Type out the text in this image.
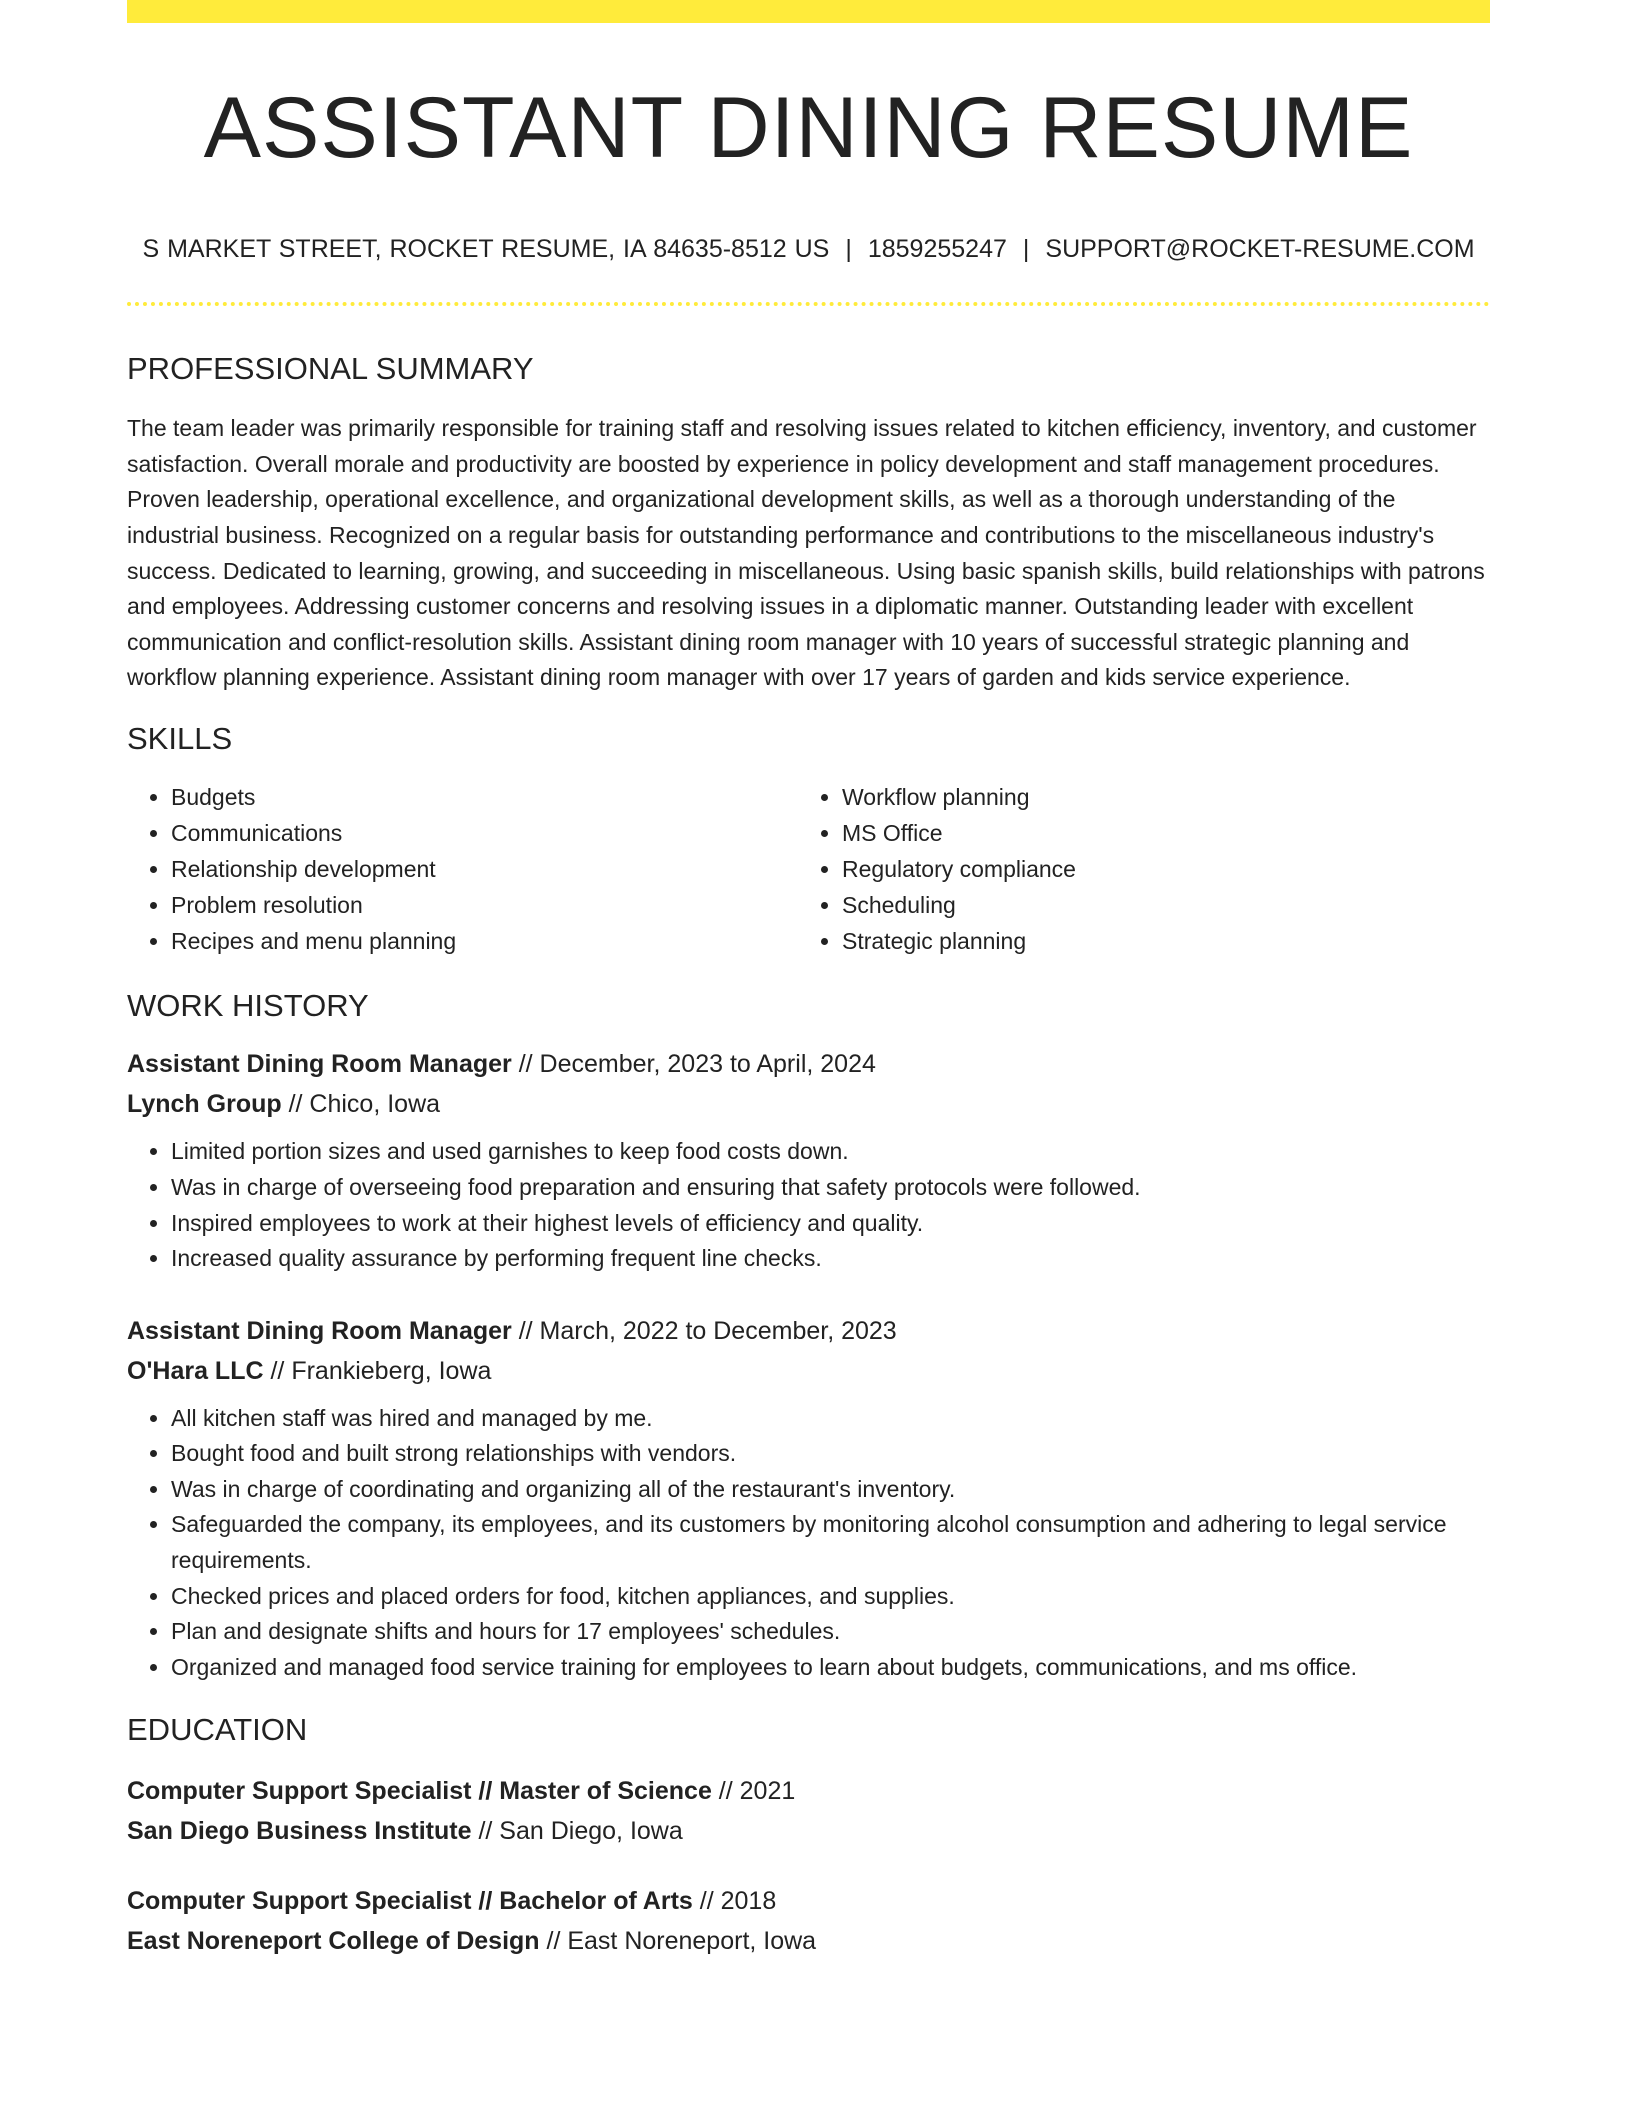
ASSISTANT DINING RESUME
S MARKET STREET, ROCKET RESUME, IA 84635-8512 US | 1859255247 | SUPPORT@ROCKET-RESUME.COM
PROFESSIONAL SUMMARY

The team leader was primarily responsible for training staff and resolving issues related to kitchen efficiency, inventory, and customer satisfaction. Overall morale and productivity are boosted by experience in policy development and staff management procedures. Proven leadership, operational excellence, and organizational development skills, as well as a thorough understanding of the industrial business. Recognized on a regular basis for outstanding performance and contributions to the miscellaneous industry's success. Dedicated to learning, growing, and succeeding in miscellaneous. Using basic spanish skills, build relationships with patrons and employees. Addressing customer concerns and resolving issues in a diplomatic manner. Outstanding leader with excellent communication and conflict-resolution skills. Assistant dining room manager with 10 years of successful strategic planning and workflow planning experience. Assistant dining room manager with over 17 years of garden and kids service experience.

SKILLS
• Budgets
• Communications
• Relationship development
• Problem resolution
• Recipes and menu planning
• Workflow planning
• MS Office
• Regulatory compliance
• Scheduling
• Strategic planning
WORK HISTORY

Assistant Dining Room Manager // December, 2023 to April, 2024

Lynch Group // Chico, Iowa

• Limited portion sizes and used garnishes to keep food costs down.
• Was in charge of overseeing food preparation and ensuring that safety protocols were followed.
• Inspired employees to work at their highest levels of efficiency and quality.
• Increased quality assurance by performing frequent line checks.

Assistant Dining Room Manager // March, 2022 to December, 2023

O'Hara LLC // Frankieberg, Iowa

• All kitchen staff was hired and managed by me.
• Bought food and built strong relationships with vendors.
• Was in charge of coordinating and organizing all of the restaurant's inventory.
• Safeguarded the company, its employees, and its customers by monitoring alcohol consumption and adhering to legal service requirements.
• Checked prices and placed orders for food, kitchen appliances, and supplies.
• Plan and designate shifts and hours for 17 employees' schedules.
• Organized and managed food service training for employees to learn about budgets, communications, and ms office.
EDUCATION

Computer Support Specialist // Master of Science // 2021

San Diego Business Institute // San Diego, Iowa

Computer Support Specialist // Bachelor of Arts // 2018

East Noreneport College of Design // East Noreneport, Iowa
